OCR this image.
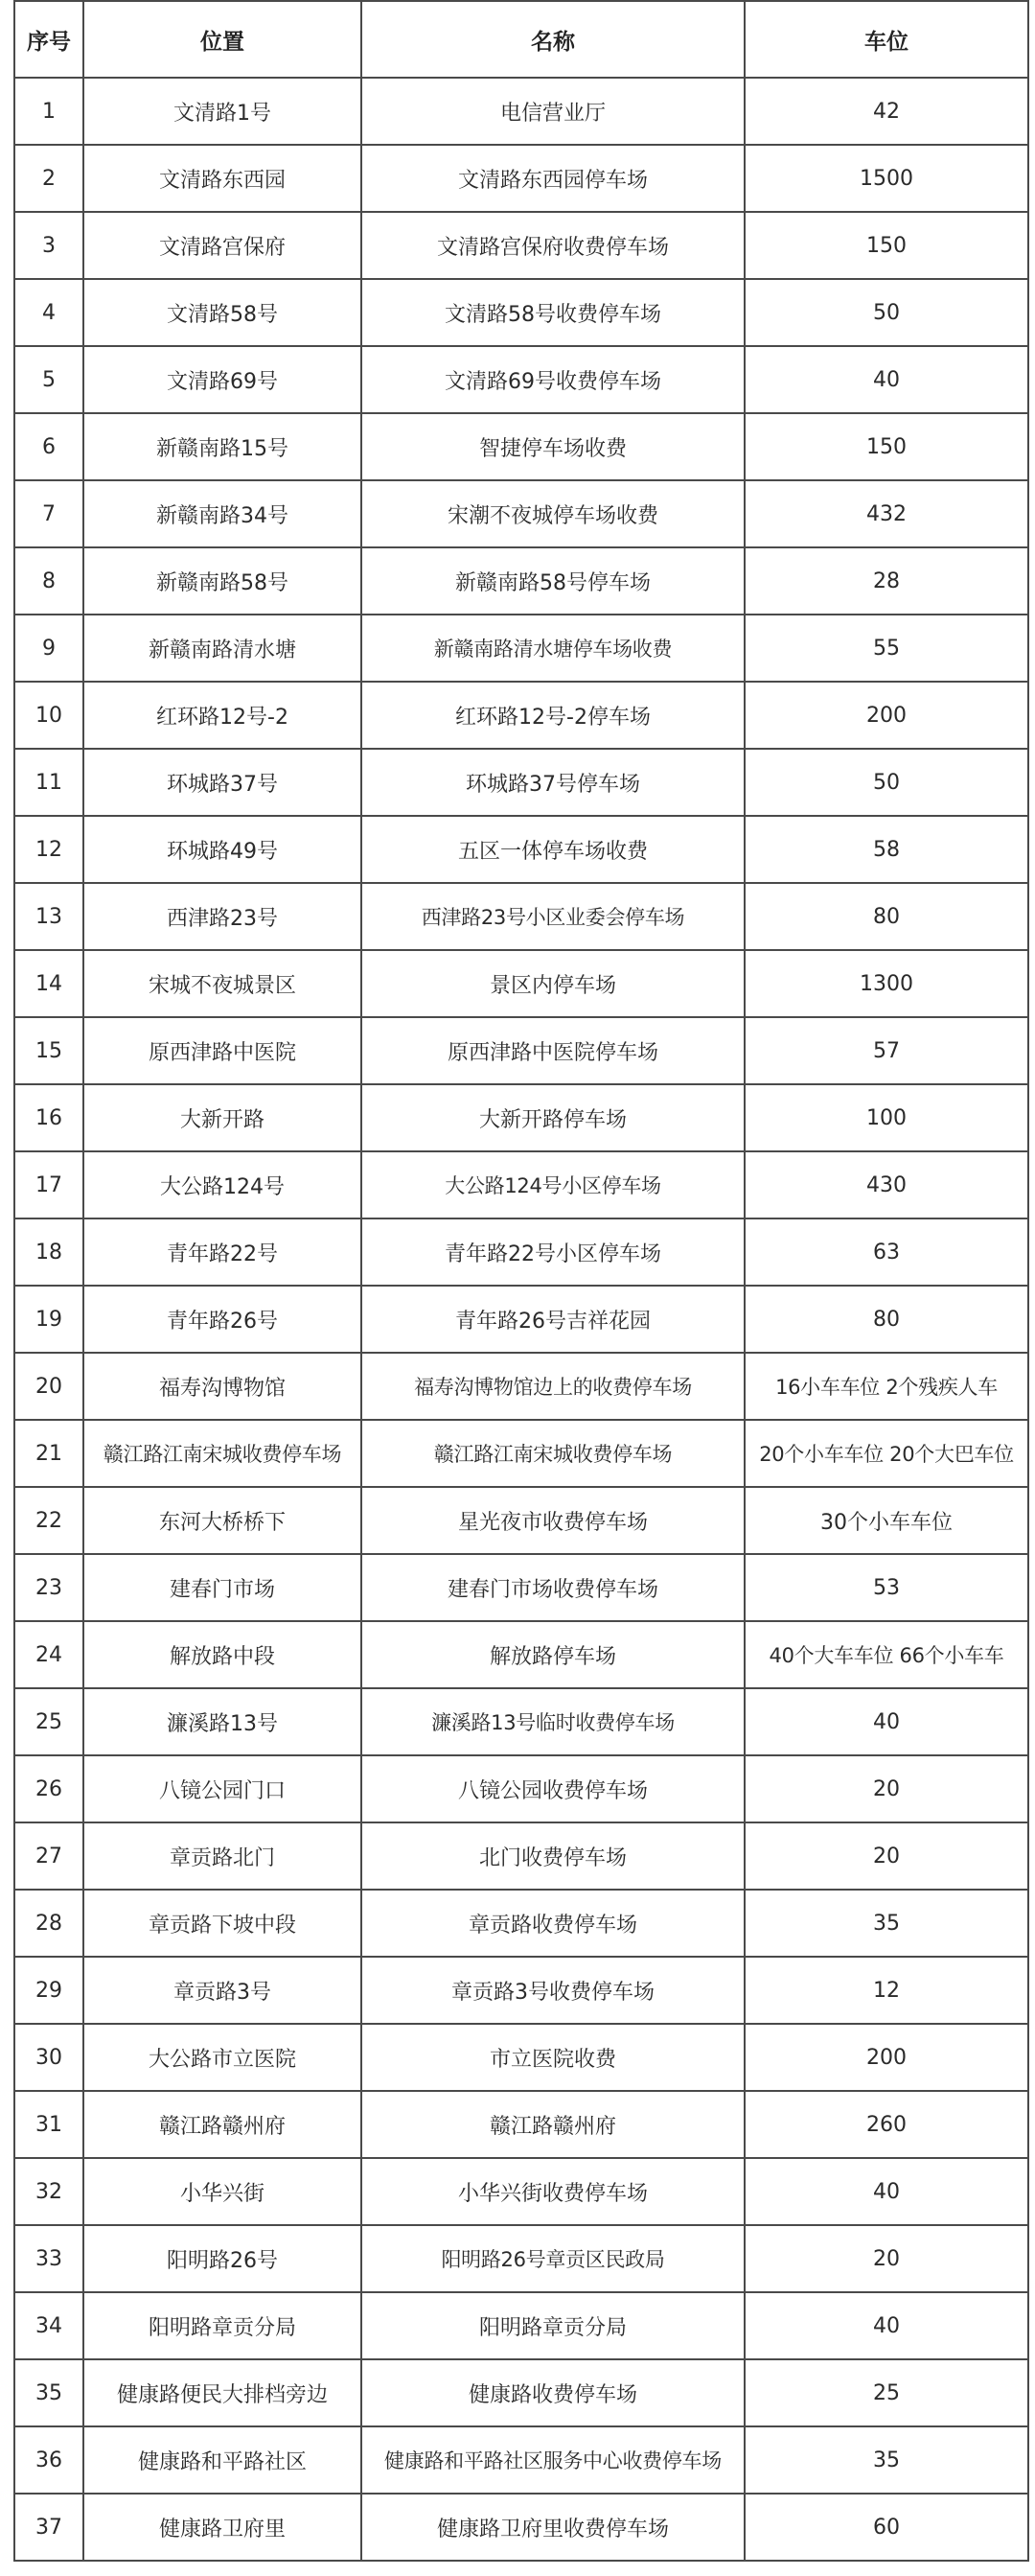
序号	位置	名称	车位
1	文清路1号	电信营业厅	42
2	文清路东西园	文清路东西园停车场	1500
3	文清路宫保府	文清路宫保府收费停车场	150
4	文清路58号	文清路58号收费停车场	50
5	文清路69号	文清路69号收费停车场	40
6	新赣南路15号	智捷停车场收费	150
7	新赣南路34号	宋潮不夜城停车场收费	432
8	新赣南路58号	新赣南路58号停车场	28
9	新赣南路清水塘	新赣南路清水塘停车场收费	55
10	红环路12号-2	红环路12号-2停车场	200
11	环城路37号	环城路37号停车场	50
12	环城路49号	五区一体停车场收费	58
13	西津路23号	西津路23号小区业委会停车场	80
14	宋城不夜城景区	景区内停车场	1300
15	原西津路中医院	原西津路中医院停车场	57
16	大新开路	大新开路停车场	100
17	大公路124号	大公路124号小区停车场	430
18	青年路22号	青年路22号小区停车场	63
19	青年路26号	青年路26号吉祥花园	80
20	福寿沟博物馆	福寿沟博物馆边上的收费停车场	16小车车位 2个残疾人车
21	赣江路江南宋城收费停车场	赣江路江南宋城收费停车场	20个小车车位 20个大巴车位
22	东河大桥桥下	星光夜市收费停车场	30个小车车位
23	建春门市场	建春门市场收费停车场	53
24	解放路中段	解放路停车场	40个大车车位 66个小车车
25	濂溪路13号	濂溪路13号临时收费停车场	40
26	八镜公园门口	八镜公园收费停车场	20
27	章贡路北门	北门收费停车场	20
28	章贡路下坡中段	章贡路收费停车场	35
29	章贡路3号	章贡路3号收费停车场	12
30	大公路市立医院	市立医院收费	200
31	赣江路赣州府	赣江路赣州府	260
32	小华兴街	小华兴街收费停车场	40
33	阳明路26号	阳明路26号章贡区民政局	20
34	阳明路章贡分局	阳明路章贡分局	40
35	健康路便民大排档旁边	健康路收费停车场	25
36	健康路和平路社区	健康路和平路社区服务中心收费停车场	35
37	健康路卫府里	健康路卫府里收费停车场	60
